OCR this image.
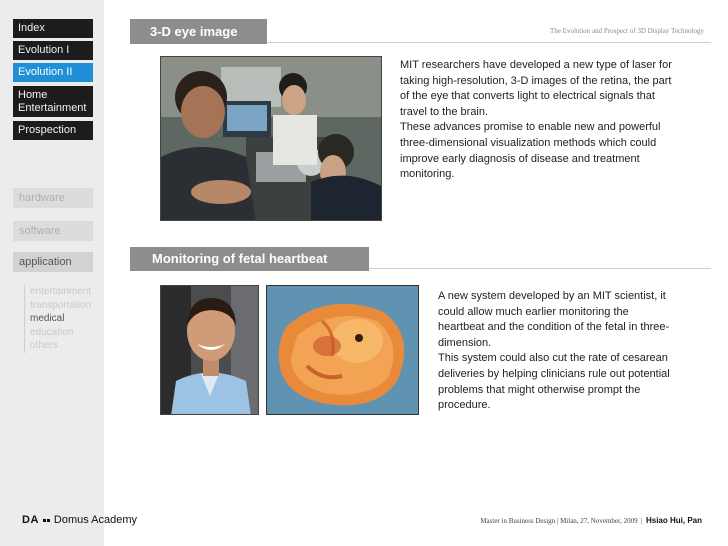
Index
Evolution I
Evolution II
Home Entertainment
Prospection
hardware
software
application
entertainment
transportation
medical
education
others
The Evolution and Prospect of 3D Display Technology
3-D eye image

MIT researchers have developed a new type of laser for taking high-resolution, 3-D images of the retina, the part of the eye that converts light to electrical signals that travel to the brain.

These advances promise to enable new and powerful three-dimensional visualization methods which could improve early diagnosis of disease and treatment monitoring.

Monitoring of fetal heartbeat

A new system developed by an MIT scientist, it could allow much earlier monitoring the heartbeat and the condition of the fetal in three-dimension.

This system could also cut the rate of cesarean deliveries by helping clinicians rule out potential problems that might otherwise prompt the procedure.

DA Domus Academy	Master in Business Design | Milan, 27, November, 2009 | Hsiao Hui, Pan
